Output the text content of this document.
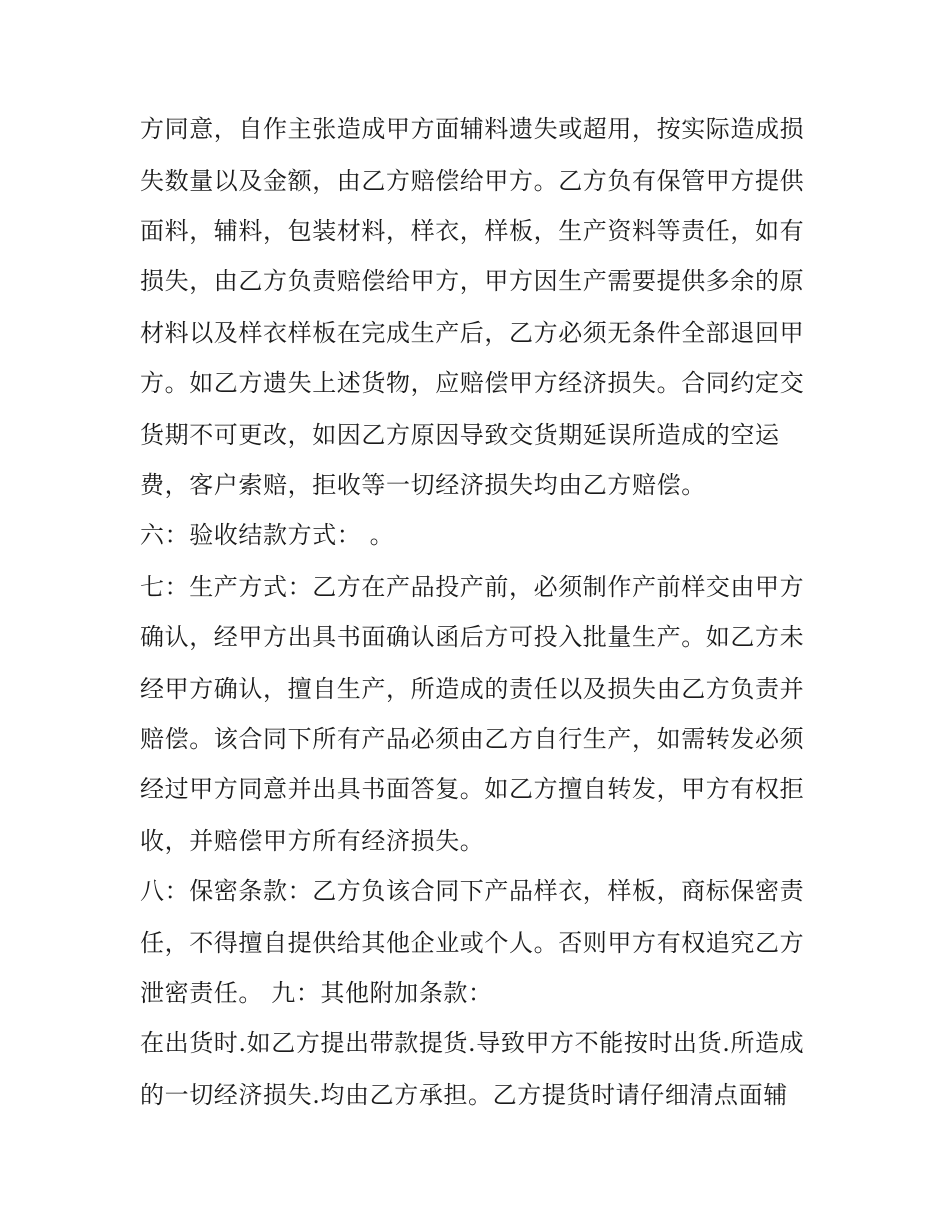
方同意，自作主张造成甲方面辅料遗失或超用，按实际造成损
失数量以及金额，由乙方赔偿给甲方。乙方负有保管甲方提供
面料，辅料，包装材料，样衣，样板，生产资料等责任，如有
损失，由乙方负责赔偿给甲方，甲方因生产需要提供多余的原
材料以及样衣样板在完成生产后，乙方必须无条件全部退回甲
方。如乙方遗失上述货物，应赔偿甲方经济损失。合同约定交
货期不可更改，如因乙方原因导致交货期延误所造成的空运
费，客户索赔，拒收等一切经济损失均由乙方赔偿。
六：验收结款方式： 。
七：生产方式：乙方在产品投产前，必须制作产前样交由甲方
确认，经甲方出具书面确认函后方可投入批量生产。如乙方未
经甲方确认，擅自生产，所造成的责任以及损失由乙方负责并
赔偿。该合同下所有产品必须由乙方自行生产，如需转发必须
经过甲方同意并出具书面答复。如乙方擅自转发，甲方有权拒
收，并赔偿甲方所有经济损失。
八：保密条款：乙方负该合同下产品样衣，样板，商标保密责
任，不得擅自提供给其他企业或个人。否则甲方有权追究乙方
泄密责任。 九：其他附加条款：
在出货时.如乙方提出带款提货.导致甲方不能按时出货.所造成
的一切经济损失.均由乙方承担。乙方提货时请仔细清点面辅
